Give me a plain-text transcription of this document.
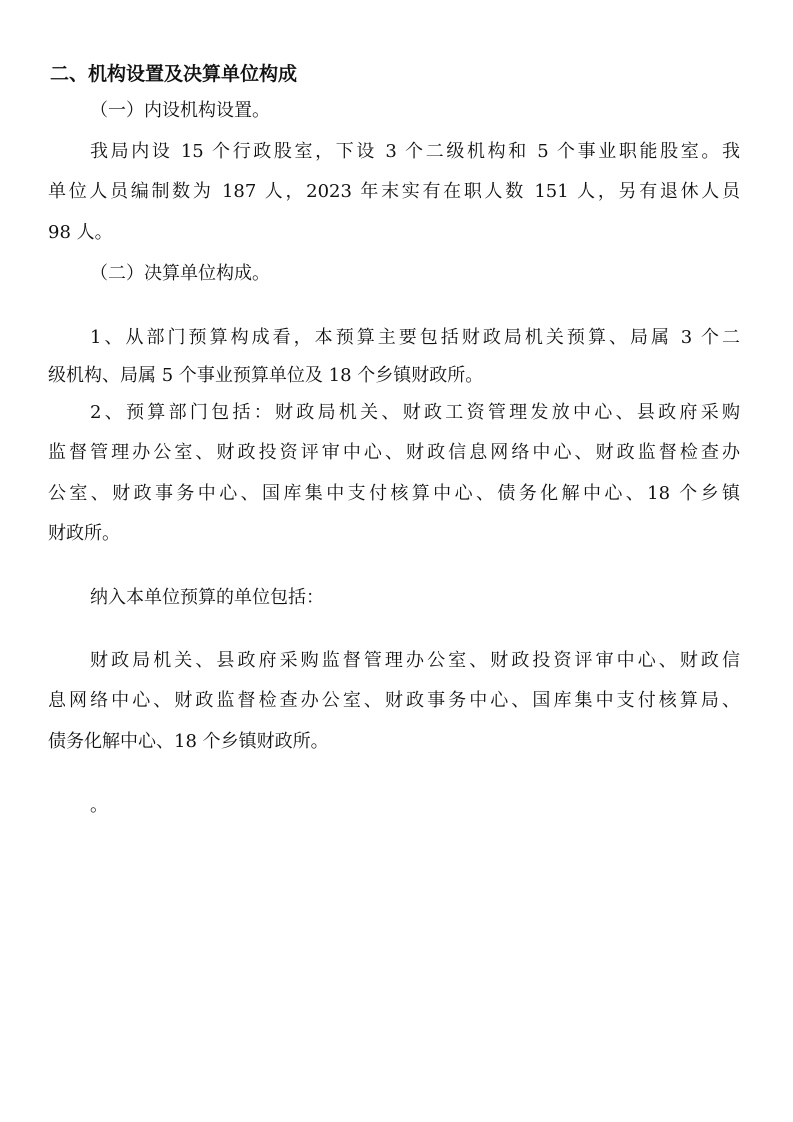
二、机构设置及决算单位构成
（一）内设机构设置。
我局内设 15 个行政股室，下设 3 个二级机构和 5 个事业职能股室。我
单位人员编制数为 187 人，2023 年末实有在职人数 151 人，另有退休人员
98 人。
（二）决算单位构成。
1、从部门预算构成看，本预算主要包括财政局机关预算、局属 3 个二
级机构、局属 5 个事业预算单位及 18 个乡镇财政所。
2、预算部门包括：财政局机关、财政工资管理发放中心、县政府采购
监督管理办公室、财政投资评审中心、财政信息网络中心、财政监督检查办
公室、财政事务中心、国库集中支付核算中心、债务化解中心、18 个乡镇
财政所。
纳入本单位预算的单位包括：
财政局机关、县政府采购监督管理办公室、财政投资评审中心、财政信
息网络中心、财政监督检查办公室、财政事务中心、国库集中支付核算局、
债务化解中心、18 个乡镇财政所。
。
